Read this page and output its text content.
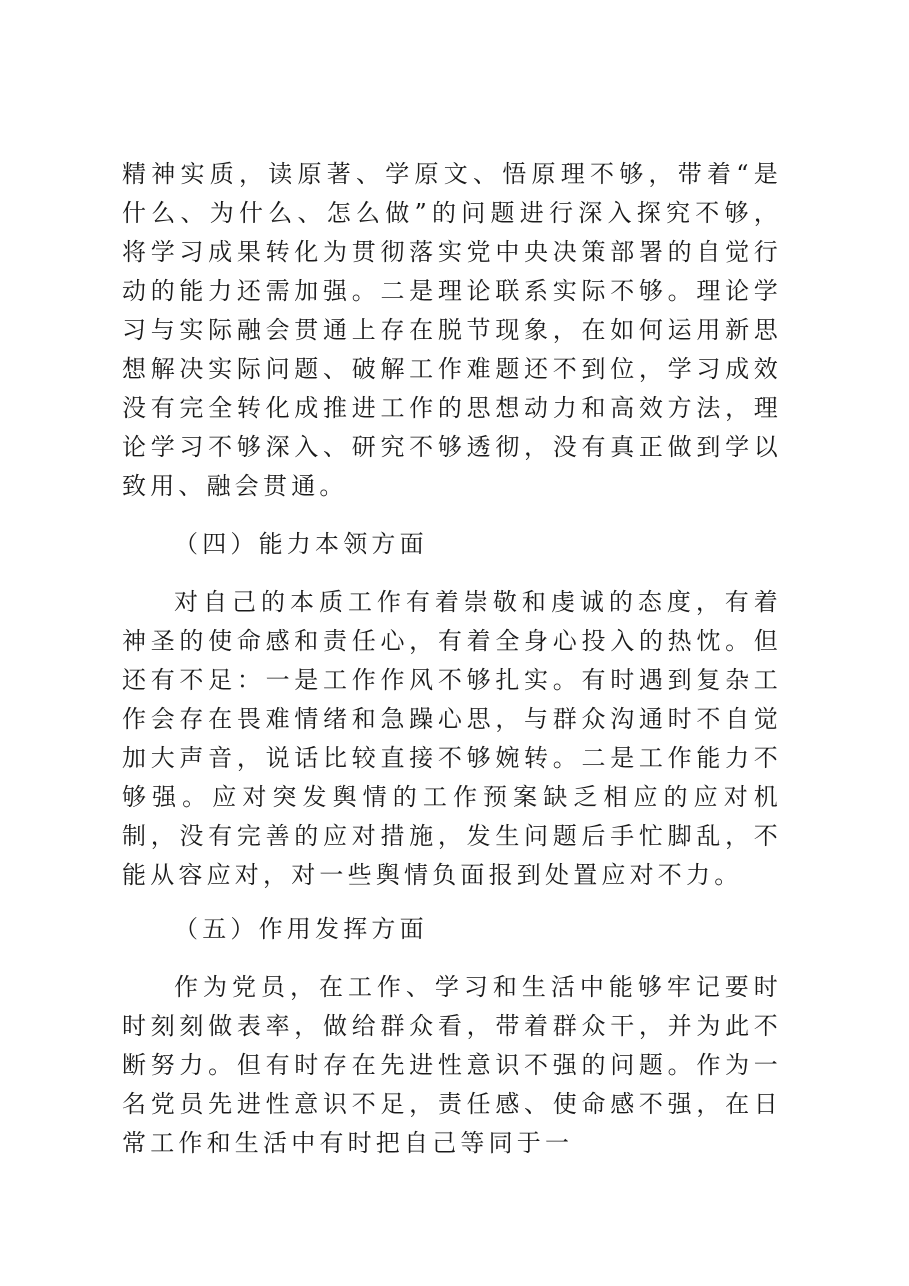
精神实质，读原著、学原文、悟原理不够，带着“是什么、为什么、怎么做”的问题进行深入探究不够，将学习成果转化为贯彻落实党中央决策部署的自觉行动的能力还需加强。二是理论联系实际不够。理论学习与实际融会贯通上存在脱节现象，在如何运用新思想解决实际问题、破解工作难题还不到位，学习成效没有完全转化成推进工作的思想动力和高效方法，理论学习不够深入、研究不够透彻，没有真正做到学以致用、融会贯通。

（四）能力本领方面

对自己的本质工作有着崇敬和虔诚的态度，有着神圣的使命感和责任心，有着全身心投入的热忱。但还有不足：一是工作作风不够扎实。有时遇到复杂工作会存在畏难情绪和急躁心思，与群众沟通时不自觉加大声音，说话比较直接不够婉转。二是工作能力不够强。应对突发舆情的工作预案缺乏相应的应对机制，没有完善的应对措施，发生问题后手忙脚乱，不能从容应对，对一些舆情负面报到处置应对不力。

（五）作用发挥方面

作为党员，在工作、学习和生活中能够牢记要时时刻刻做表率，做给群众看，带着群众干，并为此不断努力。但有时存在先进性意识不强的问题。作为一名党员先进性意识不足，责任感、使命感不强，在日常工作和生活中有时把自己等同于一
